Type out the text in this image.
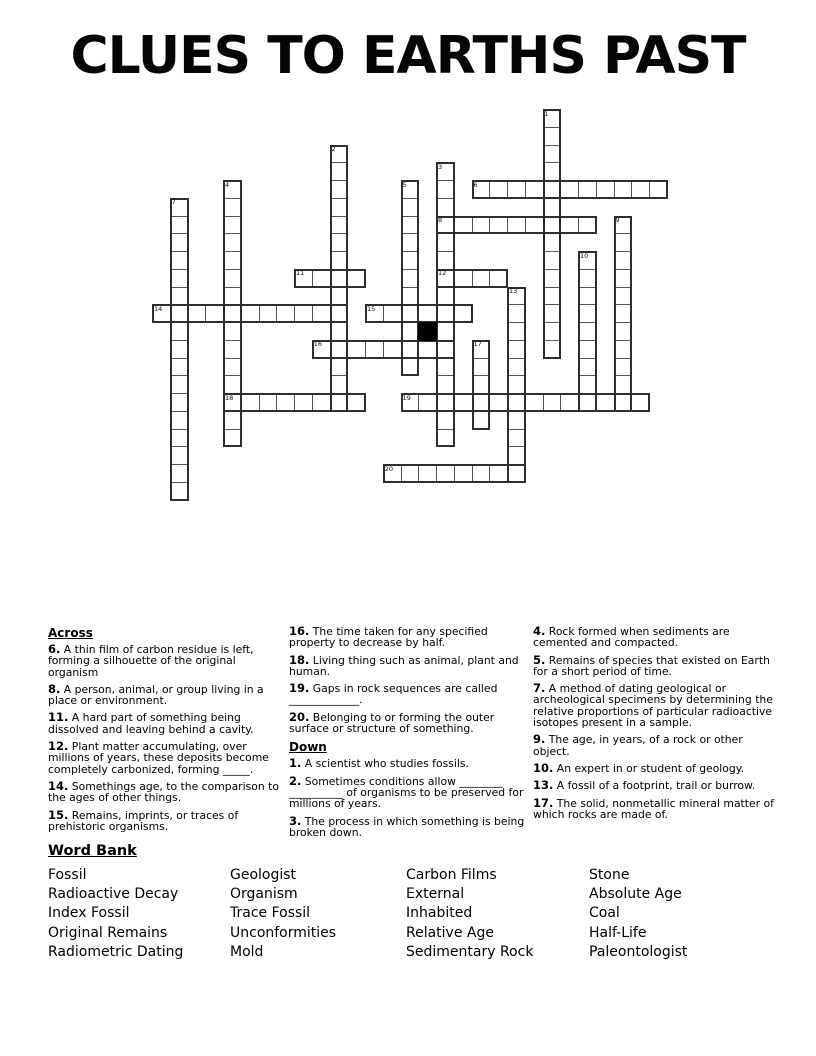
CLUES TO EARTHS PAST
1
2
3
4	5	6
7
8	9
10
11	12
13
14	15
16	17
18	19
20
Across

6. A thin film of carbon residue is left, forming a silhouette of the original organism

8. A person, animal, or group living in a place or environment.

11. A hard part of something being dissolved and leaving behind a cavity.

12. Plant matter accumulating, over millions of years, these deposits become completely carbonized, forming _____.

14. Somethings age, to the comparison to the ages of other things.

15. Remains, imprints, or traces of prehistoric organisms.

16. The time taken for any specified property to decrease by half.

18. Living thing such as animal, plant and human.

19. Gaps in rock sequences are called _____________.

20. Belonging to or forming the outer surface or structure of something.

Down

1. A scientist who studies fossils.

2. Sometimes conditions allow ________ __________ of organisms to be preserved for millions of years.

3. The process in which something is being broken down.

4. Rock formed when sediments are cemented and compacted.

5. Remains of species that existed on Earth for a short period of time.

7. A method of dating geological or archeological specimens by determining the relative proportions of particular radioactive isotopes present in a sample.

9. The age, in years, of a rock or other object.

10. An expert in or student of geology.

13. A fossil of a footprint, trail or burrow.

17. The solid, nonmetallic mineral matter of which rocks are made of.

Word Bank
Fossil
Radioactive Decay
Index Fossil
Original Remains
Radiometric Dating
Geologist
Organism
Trace Fossil
Unconformities
Mold
Carbon Films
External
Inhabited
Relative Age
Sedimentary Rock
Stone
Absolute Age
Coal
Half-Life
Paleontologist
